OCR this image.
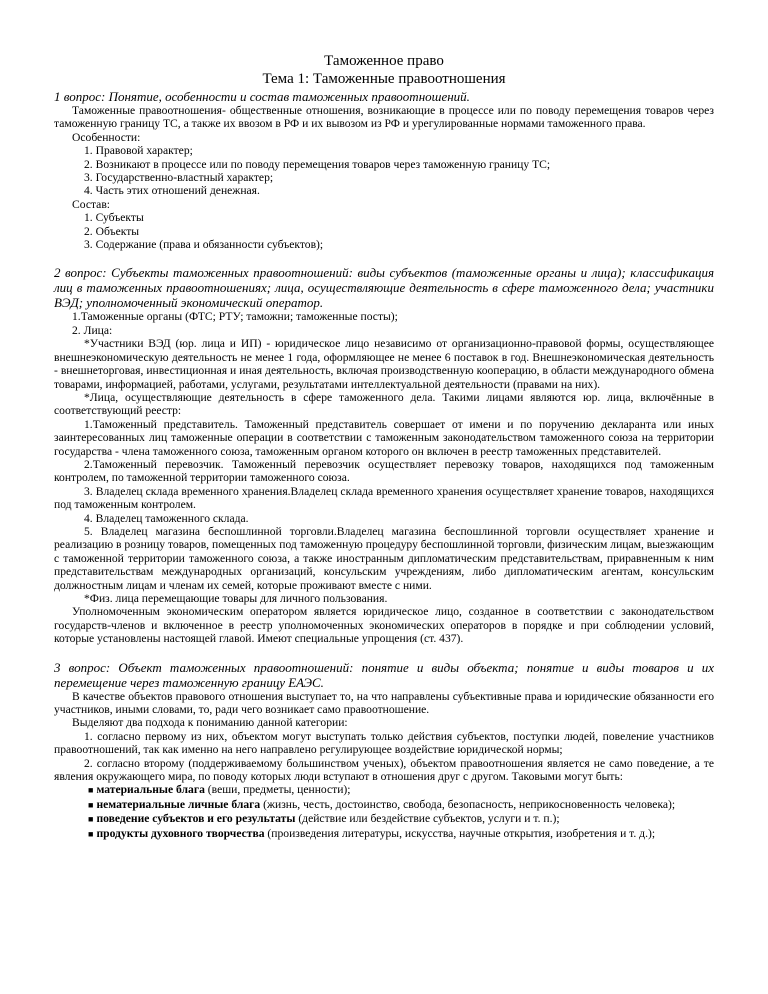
Таможенное право

Тема 1: Таможенные правоотношения

1 вопрос: Понятие, особенности и состав таможенных правоотношений.

Таможенные правоотношения- общественные отношения, возникающие в процессе или по поводу перемещения товаров через таможенную границу ТС, а также их ввозом в РФ и их вывозом из РФ и урегулированные нормами таможенного права.

Особенности:

1. Правовой характер;

2. Возникают в процессе или по поводу перемещения товаров через таможенную границу ТС;

3. Государственно-властный характер;

4. Часть этих отношений денежная.

Состав:

1. Субъекты

2. Объекты

3. Содержание (права и обязанности субъектов);

2 вопрос: Субъекты таможенных правоотношений: виды субъектов (таможенные органы и лица); классификация лиц в таможенных правоотношениях; лица, осуществляющие деятельность в сфере таможенного дела; участники ВЭД; уполномоченный экономический оператор.

1.Таможенные органы (ФТС; РТУ; таможни; таможенные посты);

2. Лица:

*Участники ВЭД (юр. лица и ИП) - юридическое лицо независимо от организационно-правовой формы, осуществляющее внешнеэкономическую деятельность не менее 1 года, оформляющее не менее 6 поставок в год. Внешнеэкономическая деятельность - внешнеторговая, инвестиционная и иная деятельность, включая производственную кооперацию, в области международного обмена товарами, информацией, работами, услугами, результатами интеллектуальной деятельности (правами на них).

*Лица, осуществляющие деятельность в сфере таможенного дела. Такими лицами являются юр. лица, включённые в соответствующий реестр:

1.Таможенный представитель. Таможенный представитель совершает от имени и по поручению декларанта или иных заинтересованных лиц таможенные операции в соответствии с таможенным законодательством таможенного союза на территории государства - члена таможенного союза, таможенным органом которого он включен в реестр таможенных представителей.

2.Таможенный перевозчик. Таможенный перевозчик осуществляет перевозку товаров, находящихся под таможенным контролем, по таможенной территории таможенного союза.

3. Владелец склада временного хранения.Владелец склада временного хранения осуществляет хранение товаров, находящихся под таможенным контролем.

4. Владелец таможенного склада.

5. Владелец магазина беспошлинной торговли.Владелец магазина беспошлинной торговли осуществляет хранение и реализацию в розницу товаров, помещенных под таможенную процедуру беспошлинной торговли, физическим лицам, выезжающим с таможенной территории таможенного союза, а также иностранным дипломатическим представительствам, приравненным к ним представительствам международных организаций, консульским учреждениям, либо дипломатическим агентам, консульским должностным лицам и членам их семей, которые проживают вместе с ними.

*Физ. лица перемещающие товары для личного пользования.

Уполномоченным экономическим оператором является юридическое лицо, созданное в соответствии с законодательством государств-членов и включенное в реестр уполномоченных экономических операторов в порядке и при соблюдении условий, которые установлены настоящей главой. Имеют специальные упрощения (ст. 437).

3 вопрос: Объект таможенных правоотношений: понятие и виды объекта; понятие и виды товаров и их перемещение через таможенную границу ЕАЭС.

В качестве объектов правового отношения выступает то, на что направлены субъективные права и юридические обязанности его участников, иными словами, то, ради чего возникает само правоотношение.

Выделяют два подхода к пониманию данной категории:

1. согласно первому из них, объектом могут выступать только действия субъектов, поступки людей, повеление участников правоотношений, так как именно на него направлено регулирующее воздействие юридической нормы;

2. согласно второму (поддерживаемому большинством ученых), объектом правоотношения является не само поведение, а те явления окружающего мира, по поводу которых люди вступают в отношения друг с другом. Таковыми могут быть:

■ материальные блага (веши, предметы, ценности);

■ нематериальные личные блага (жизнь, честь, достоинство, свобода, безопасность, неприкосновенность человека);

■ поведение субъектов и его результаты (действие или бездействие субъектов, услуги и т. п.);

■ продукты духовного творчества (произведения литературы, искусства, научные открытия, изобретения и т. д.);
